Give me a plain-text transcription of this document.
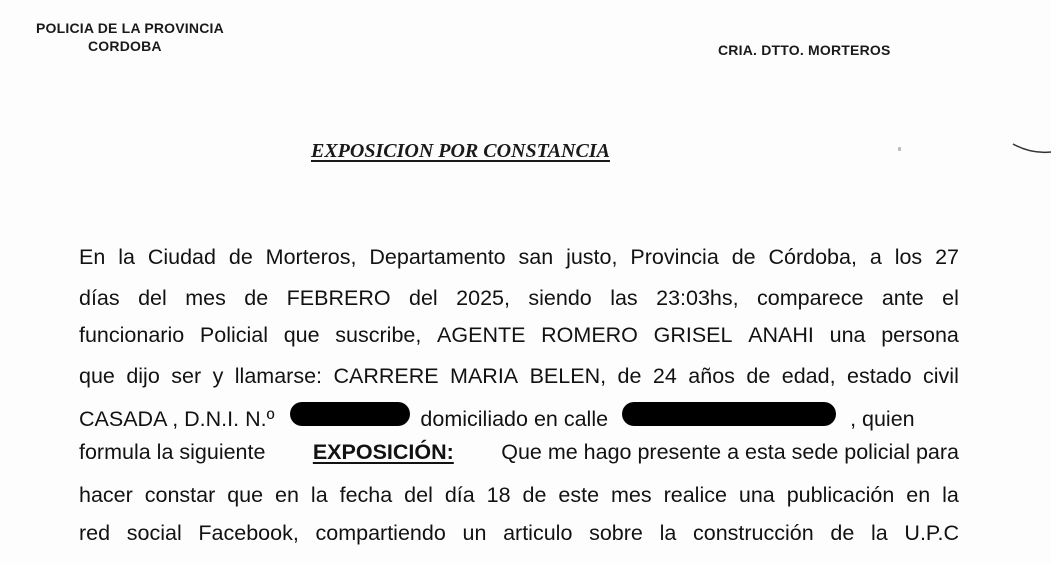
POLICIA DE LA PROVINCIA
CORDOBA	CRIA. DTTO. MORTEROS
EXPOSICION POR CONSTANCIA
En la Ciudad de Morteros, Departamento san justo, Provincia de Córdoba, a los 27
días del mes de FEBRERO del 2025, siendo las 23:03hs, comparece ante el
funcionario Policial que suscribe, AGENTE ROMERO GRISEL ANAHI una persona
que dijo ser y llamarse: CARRERE MARIA BELEN, de 24 años de edad, estado civil
CASADA , D.N.I. N.º	domiciliado en calle	, quien
formula la siguiente EXPOSICIÓN: Que me hago presente a esta sede policial para
hacer constar que en la fecha del día 18 de este mes realice una publicación en la
red social Facebook, compartiendo un articulo sobre la construcción de la U.P.C
